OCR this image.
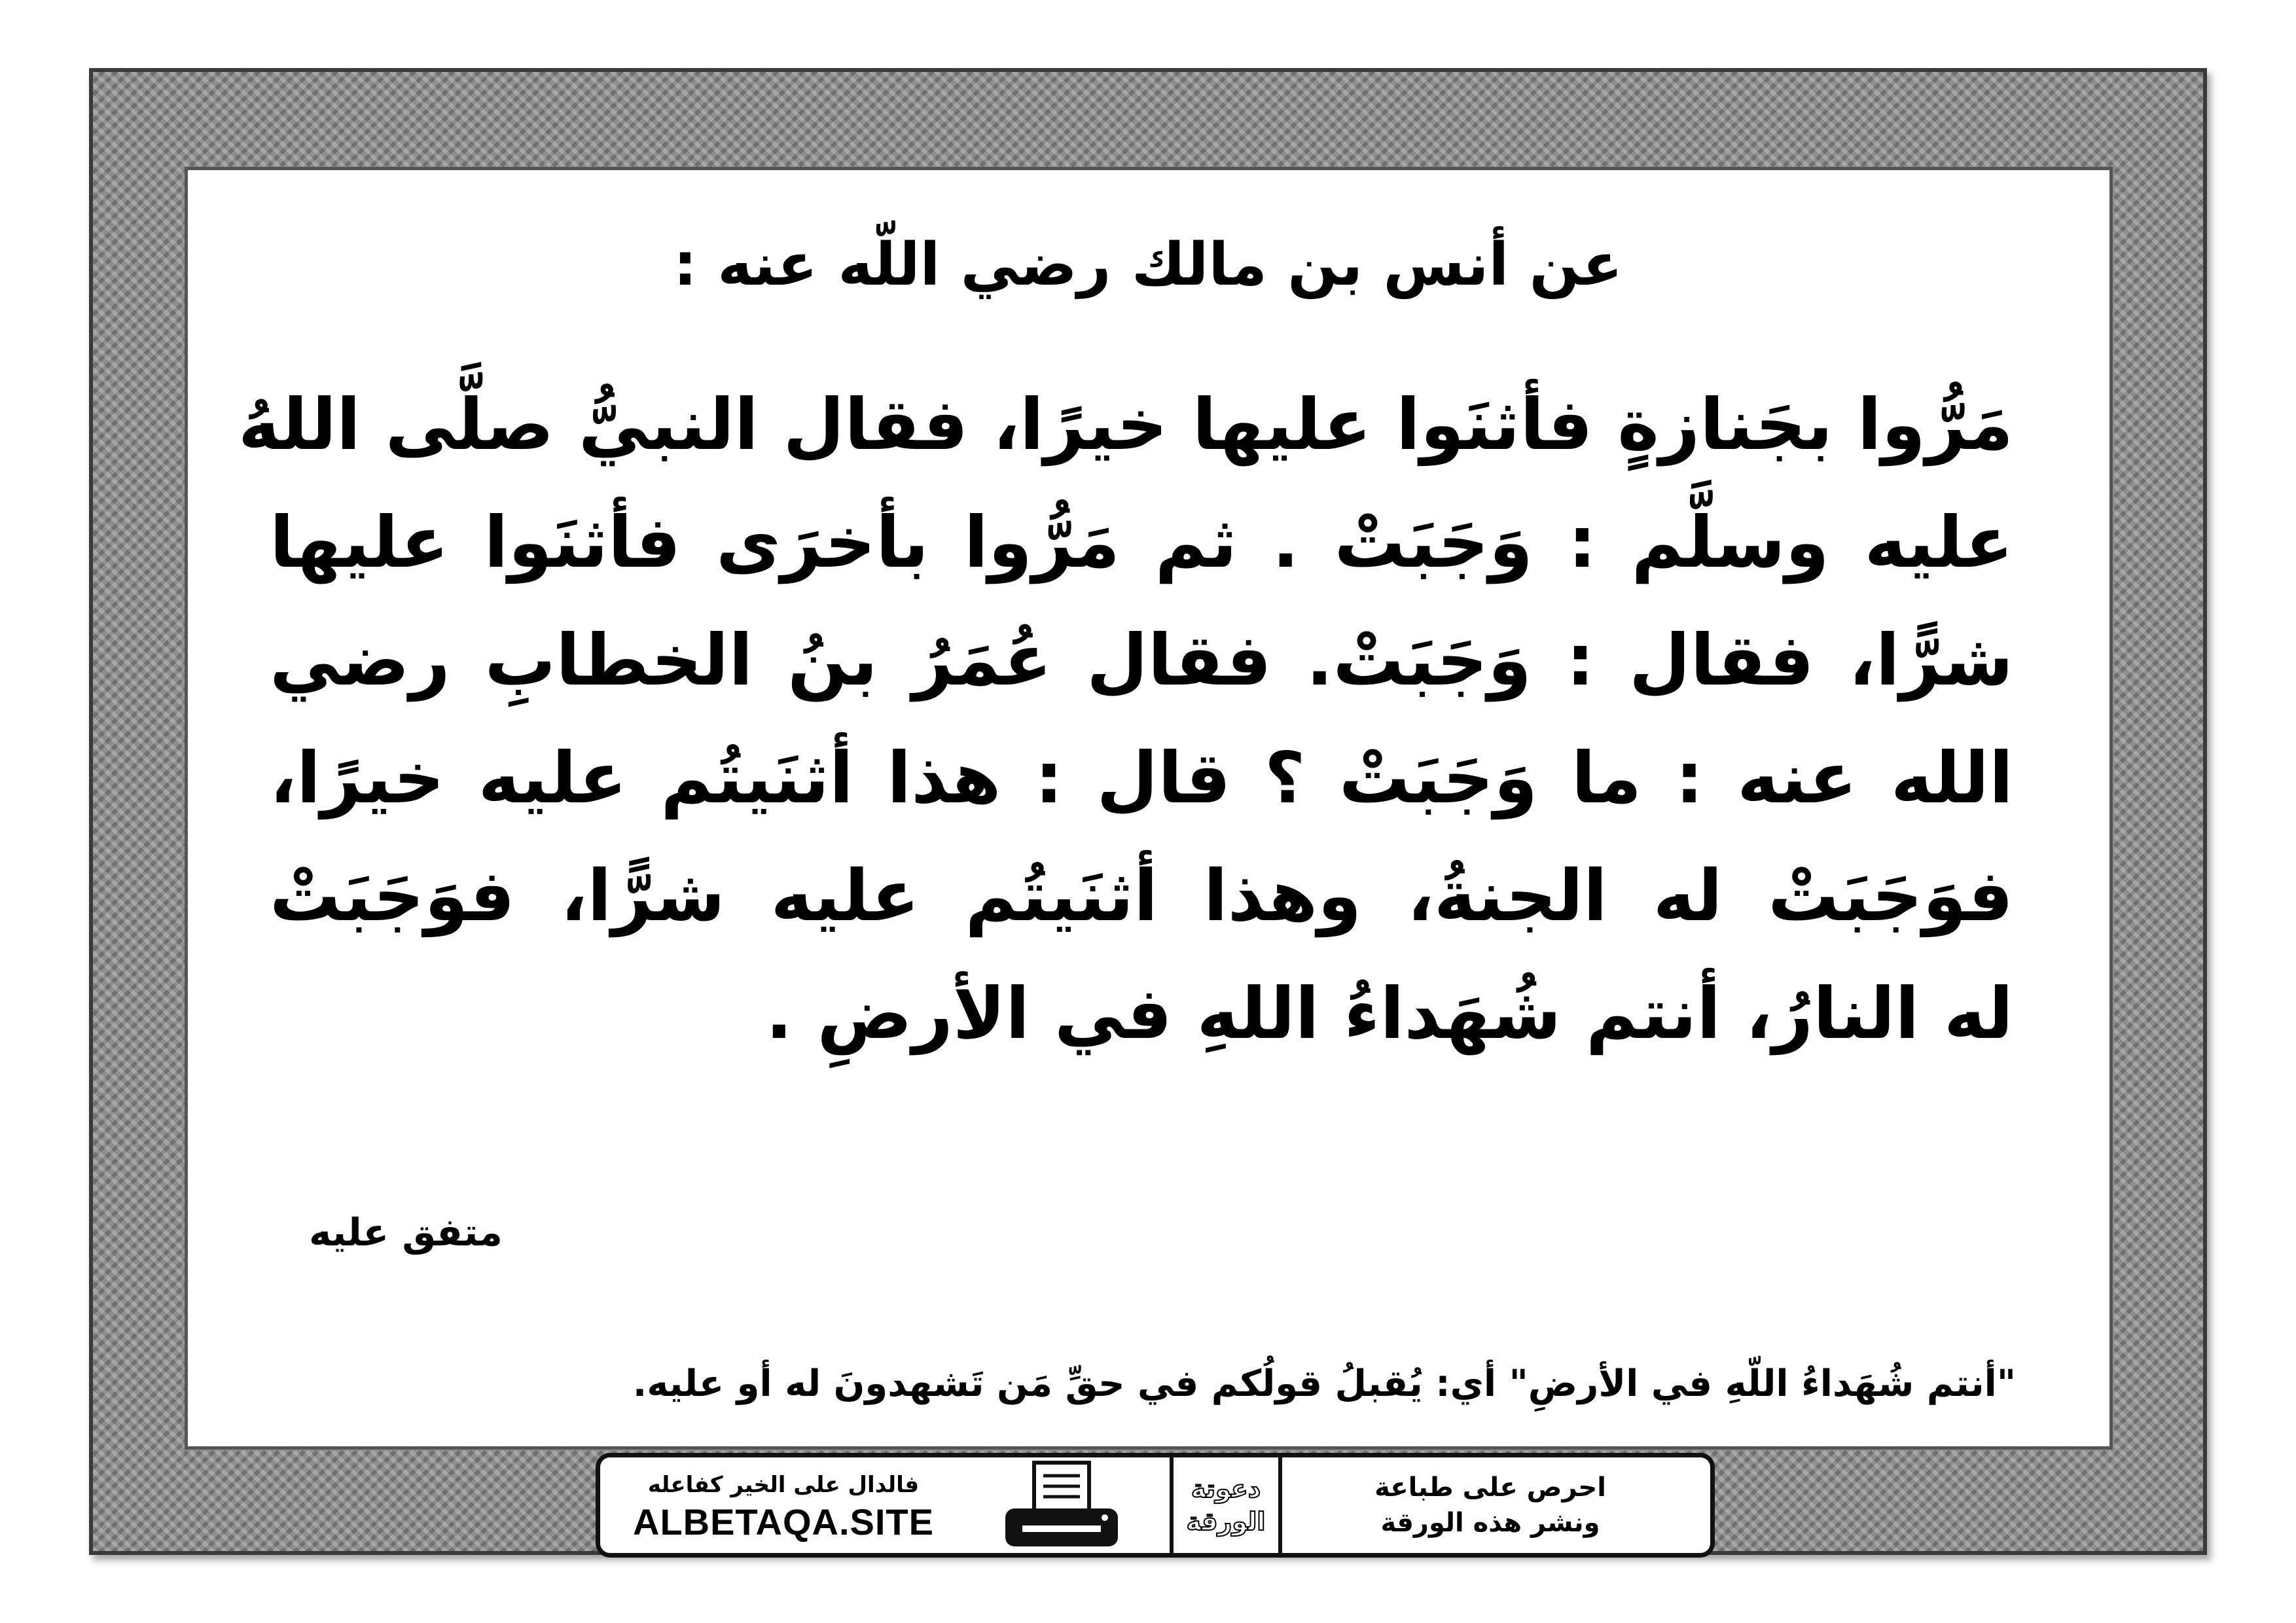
عن أنس بن مالك رضي اللّه عنه :
مَرُّوا بجَنازةٍ فأثنَوا عليها خيرًا، فقال النبيُّ صلَّى اللهُ
عليه وسلَّم : وَجَبَتْ . ثم مَرُّوا بأخرَى فأثنَوا عليها
شرًّا، فقال : وَجَبَتْ. فقال عُمَرُ بنُ الخطابِ رضي
الله عنه : ما وَجَبَتْ ؟ قال : هذا أثنَيتُم عليه خيرًا،
فوَجَبَتْ له الجنةُ، وهذا أثنَيتُم عليه شرًّا، فوَجَبَتْ
له النارُ، أنتم شُهَداءُ اللهِ في الأرضِ .
متفق عليه
"أنتم شُهَداءُ اللّهِ في الأرضِ" أي: يُقبلُ قولُكم في حقِّ مَن تَشهدونَ له أو عليه.
فالدال على الخير كفاعله
ALBETAQA.SITE
دعوتة
الورقة
احرص على طباعة
ونشر هذه الورقة
